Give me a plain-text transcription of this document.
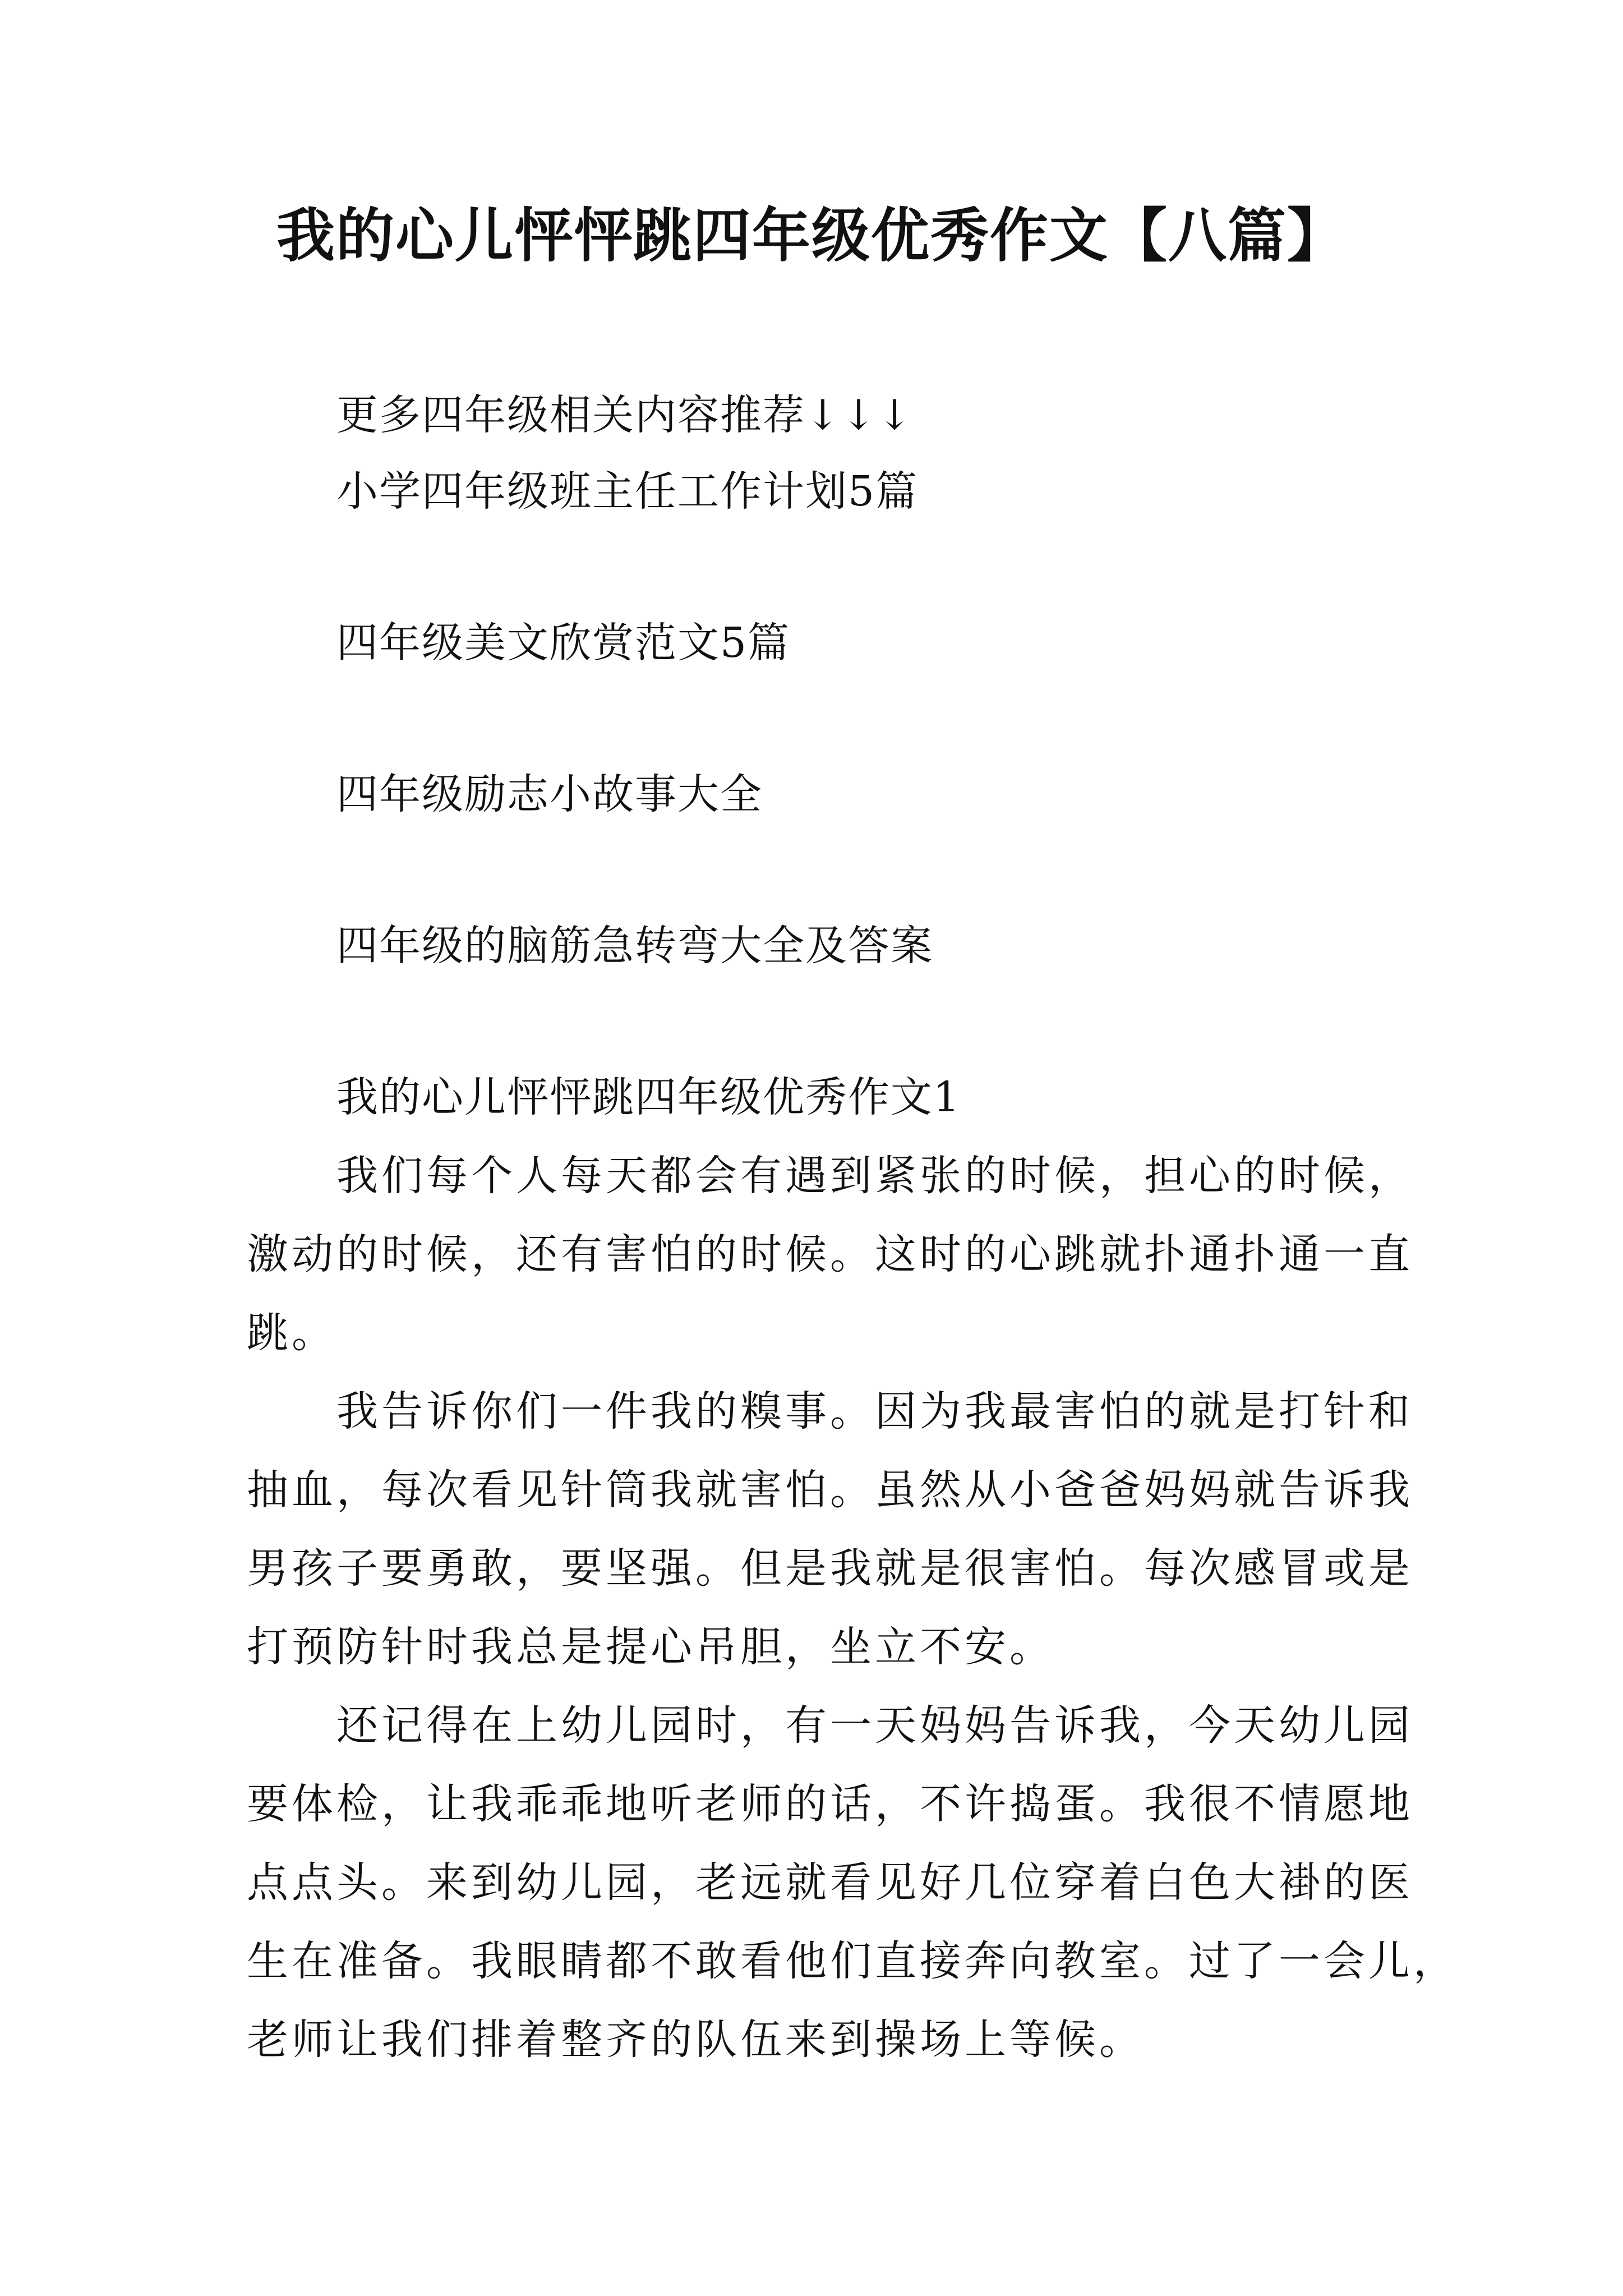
我的心儿怦怦跳四年级优秀作文【八篇】
更多四年级相关内容推荐↓↓↓
小学四年级班主任工作计划5篇
四年级美文欣赏范文5篇
四年级励志小故事大全
四年级的脑筋急转弯大全及答案
我的心儿怦怦跳四年级优秀作文1
我们每个人每天都会有遇到紧张的时候，担心的时候，
激动的时候，还有害怕的时候。这时的心跳就扑通扑通一直
跳。
我告诉你们一件我的糗事。因为我最害怕的就是打针和
抽血，每次看见针筒我就害怕。虽然从小爸爸妈妈就告诉我
男孩子要勇敢，要坚强。但是我就是很害怕。每次感冒或是
打预防针时我总是提心吊胆，坐立不安。
还记得在上幼儿园时，有一天妈妈告诉我，今天幼儿园
要体检，让我乖乖地听老师的话，不许捣蛋。我很不情愿地
点点头。来到幼儿园，老远就看见好几位穿着白色大褂的医
生在准备。我眼睛都不敢看他们直接奔向教室。过了一会儿，
老师让我们排着整齐的队伍来到操场上等候。
